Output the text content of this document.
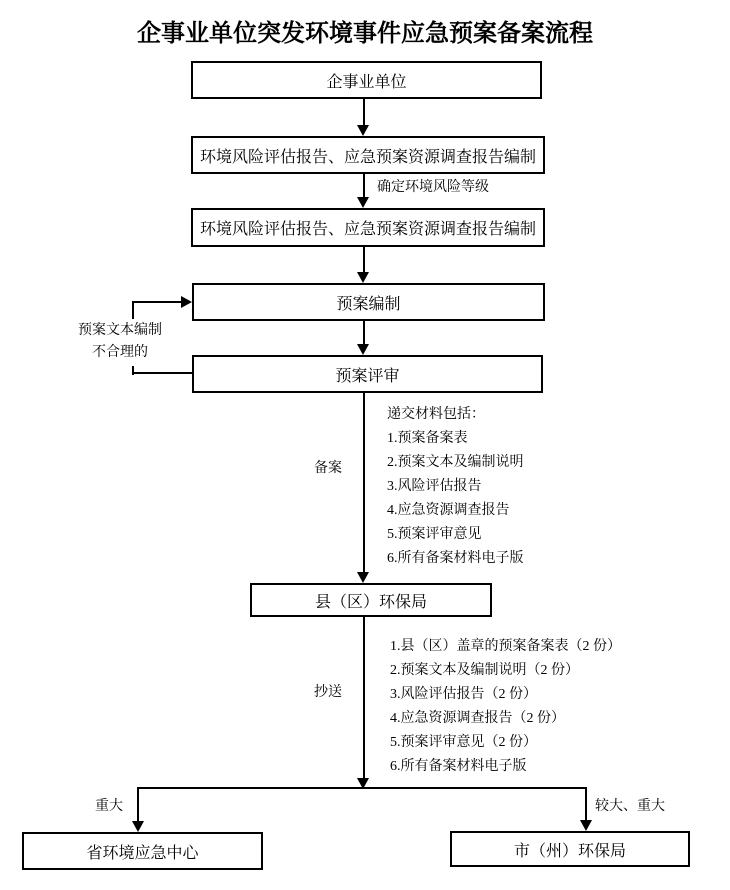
企事业单位突发环境事件应急预案备案流程
企事业单位
环境风险评估报告、应急预案资源调查报告编制
环境风险评估报告、应急预案资源调查报告编制
预案编制
预案评审
县（区）环保局
省环境应急中心	市（州）环保局
预案文本编制
不合理的
确定环境风险等级
备案
抄送
重大	较大、重大
递交材料包括：
1.预案备案表
2.预案文本及编制说明
3.风险评估报告
4.应急资源调查报告
5.预案评审意见
6.所有备案材料电子版
1.县（区）盖章的预案备案表（2 份）
2.预案文本及编制说明（2 份）
3.风险评估报告（2 份）
4.应急资源调查报告（2 份）
5.预案评审意见（2 份）
6.所有备案材料电子版
